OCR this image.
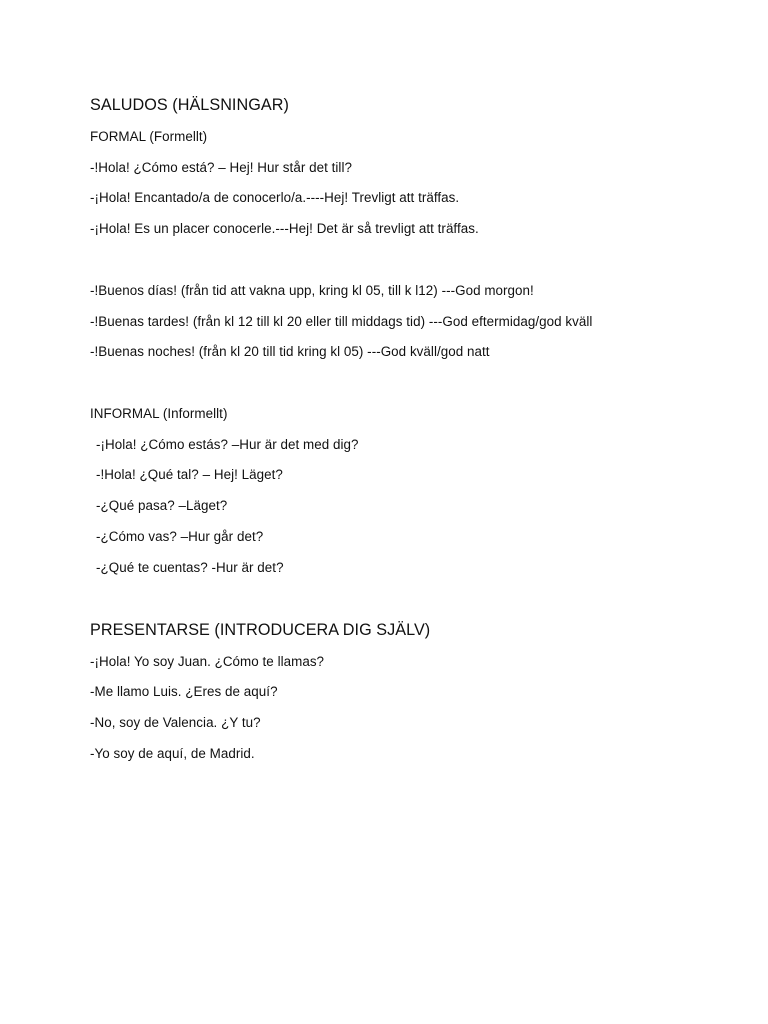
SALUDOS (HÄLSNINGAR)
FORMAL (Formellt)
-!Hola! ¿Cómo está? – Hej! Hur står det till?
-¡Hola! Encantado/a de conocerlo/a.----Hej! Trevligt att träffas.
-¡Hola! Es un placer conocerle.---Hej! Det är så trevligt att träffas.
-!Buenos días! (från tid att vakna upp, kring kl 05, till k l12) ---God morgon!
-!Buenas tardes! (från kl 12 till kl 20 eller till middags tid) ---God eftermidag/god kväll
-!Buenas noches! (från kl 20 till tid kring kl 05) ---God kväll/god natt
INFORMAL (Informellt)
-¡Hola! ¿Cómo estás? –Hur är det med dig?
-!Hola! ¿Qué tal? – Hej! Läget?
-¿Qué pasa? –Läget?
-¿Cómo vas? –Hur går det?
-¿Qué te cuentas? -Hur är det?
PRESENTARSE (INTRODUCERA DIG SJÄLV)
-¡Hola! Yo soy Juan. ¿Cómo te llamas?
-Me llamo Luis. ¿Eres de aquí?
-No, soy de Valencia. ¿Y tu?
-Yo soy de aquí, de Madrid.
